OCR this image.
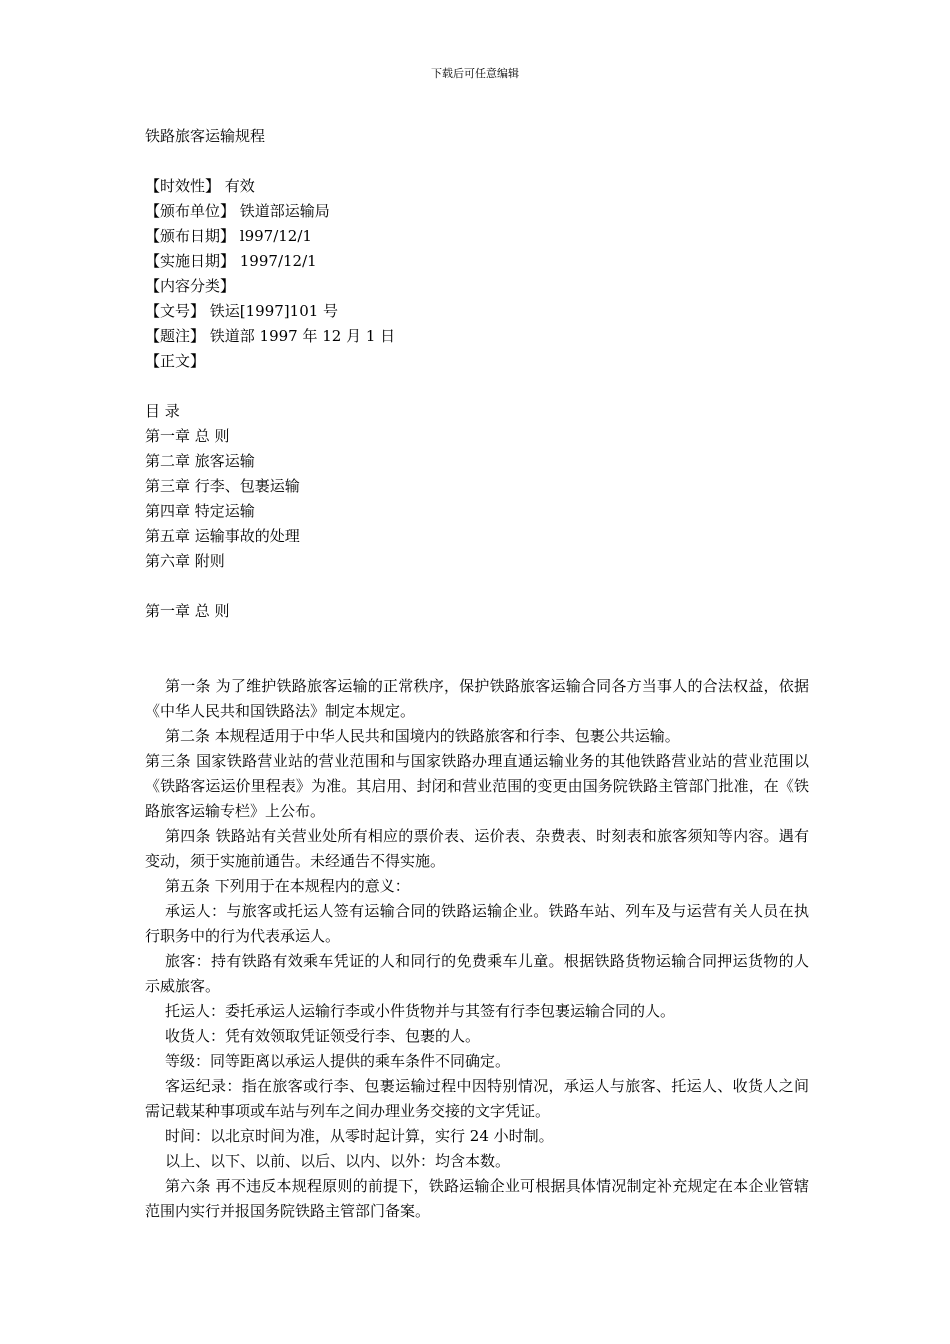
下载后可任意编辑
铁路旅客运输规程
【时效性】 有效
【颁布单位】 铁道部运输局
【颁布日期】 l997/12/1
【实施日期】 1997/12/1
【内容分类】
【文号】 铁运[1997]101 号
【题注】 铁道部 1997 年 12 月 1 日
【正文】
目 录
第一章 总 则
第二章 旅客运输
第三章 行李、包裹运输
第四章 特定运输
第五章 运输事故的处理
第六章 附则
第一章 总 则
第一条 为了维护铁路旅客运输的正常秩序，保护铁路旅客运输合同各方当事人的合法权益，依据《中华人民共和国铁路法》制定本规定。
第二条 本规程适用于中华人民共和国境内的铁路旅客和行李、包裹公共运输。
第三条 国家铁路营业站的营业范围和与国家铁路办理直通运输业务的其他铁路营业站的营业范围以《铁路客运运价里程表》为准。其启用、封闭和营业范围的变更由国务院铁路主管部门批准，在《铁路旅客运输专栏》上公布。
第四条 铁路站有关营业处所有相应的票价表、运价表、杂费表、时刻表和旅客须知等内容。遇有变动，须于实施前通告。未经通告不得实施。
第五条 下列用于在本规程内的意义：
承运人：与旅客或托运人签有运输合同的铁路运输企业。铁路车站、列车及与运营有关人员在执行职务中的行为代表承运人。
旅客：持有铁路有效乘车凭证的人和同行的免费乘车儿童。根据铁路货物运输合同押运货物的人示威旅客。
托运人：委托承运人运输行李或小件货物并与其签有行李包裹运输合同的人。
收货人：凭有效领取凭证领受行李、包裹的人。
等级：同等距离以承运人提供的乘车条件不同确定。
客运纪录：指在旅客或行李、包裹运输过程中因特别情况，承运人与旅客、托运人、收货人之间需记载某种事项或车站与列车之间办理业务交接的文字凭证。
时间：以北京时间为准，从零时起计算，实行 24 小时制。
以上、以下、以前、以后、以内、以外：均含本数。
第六条 再不违反本规程原则的前提下，铁路运输企业可根据具体情况制定补充规定在本企业管辖范围内实行并报国务院铁路主管部门备案。
